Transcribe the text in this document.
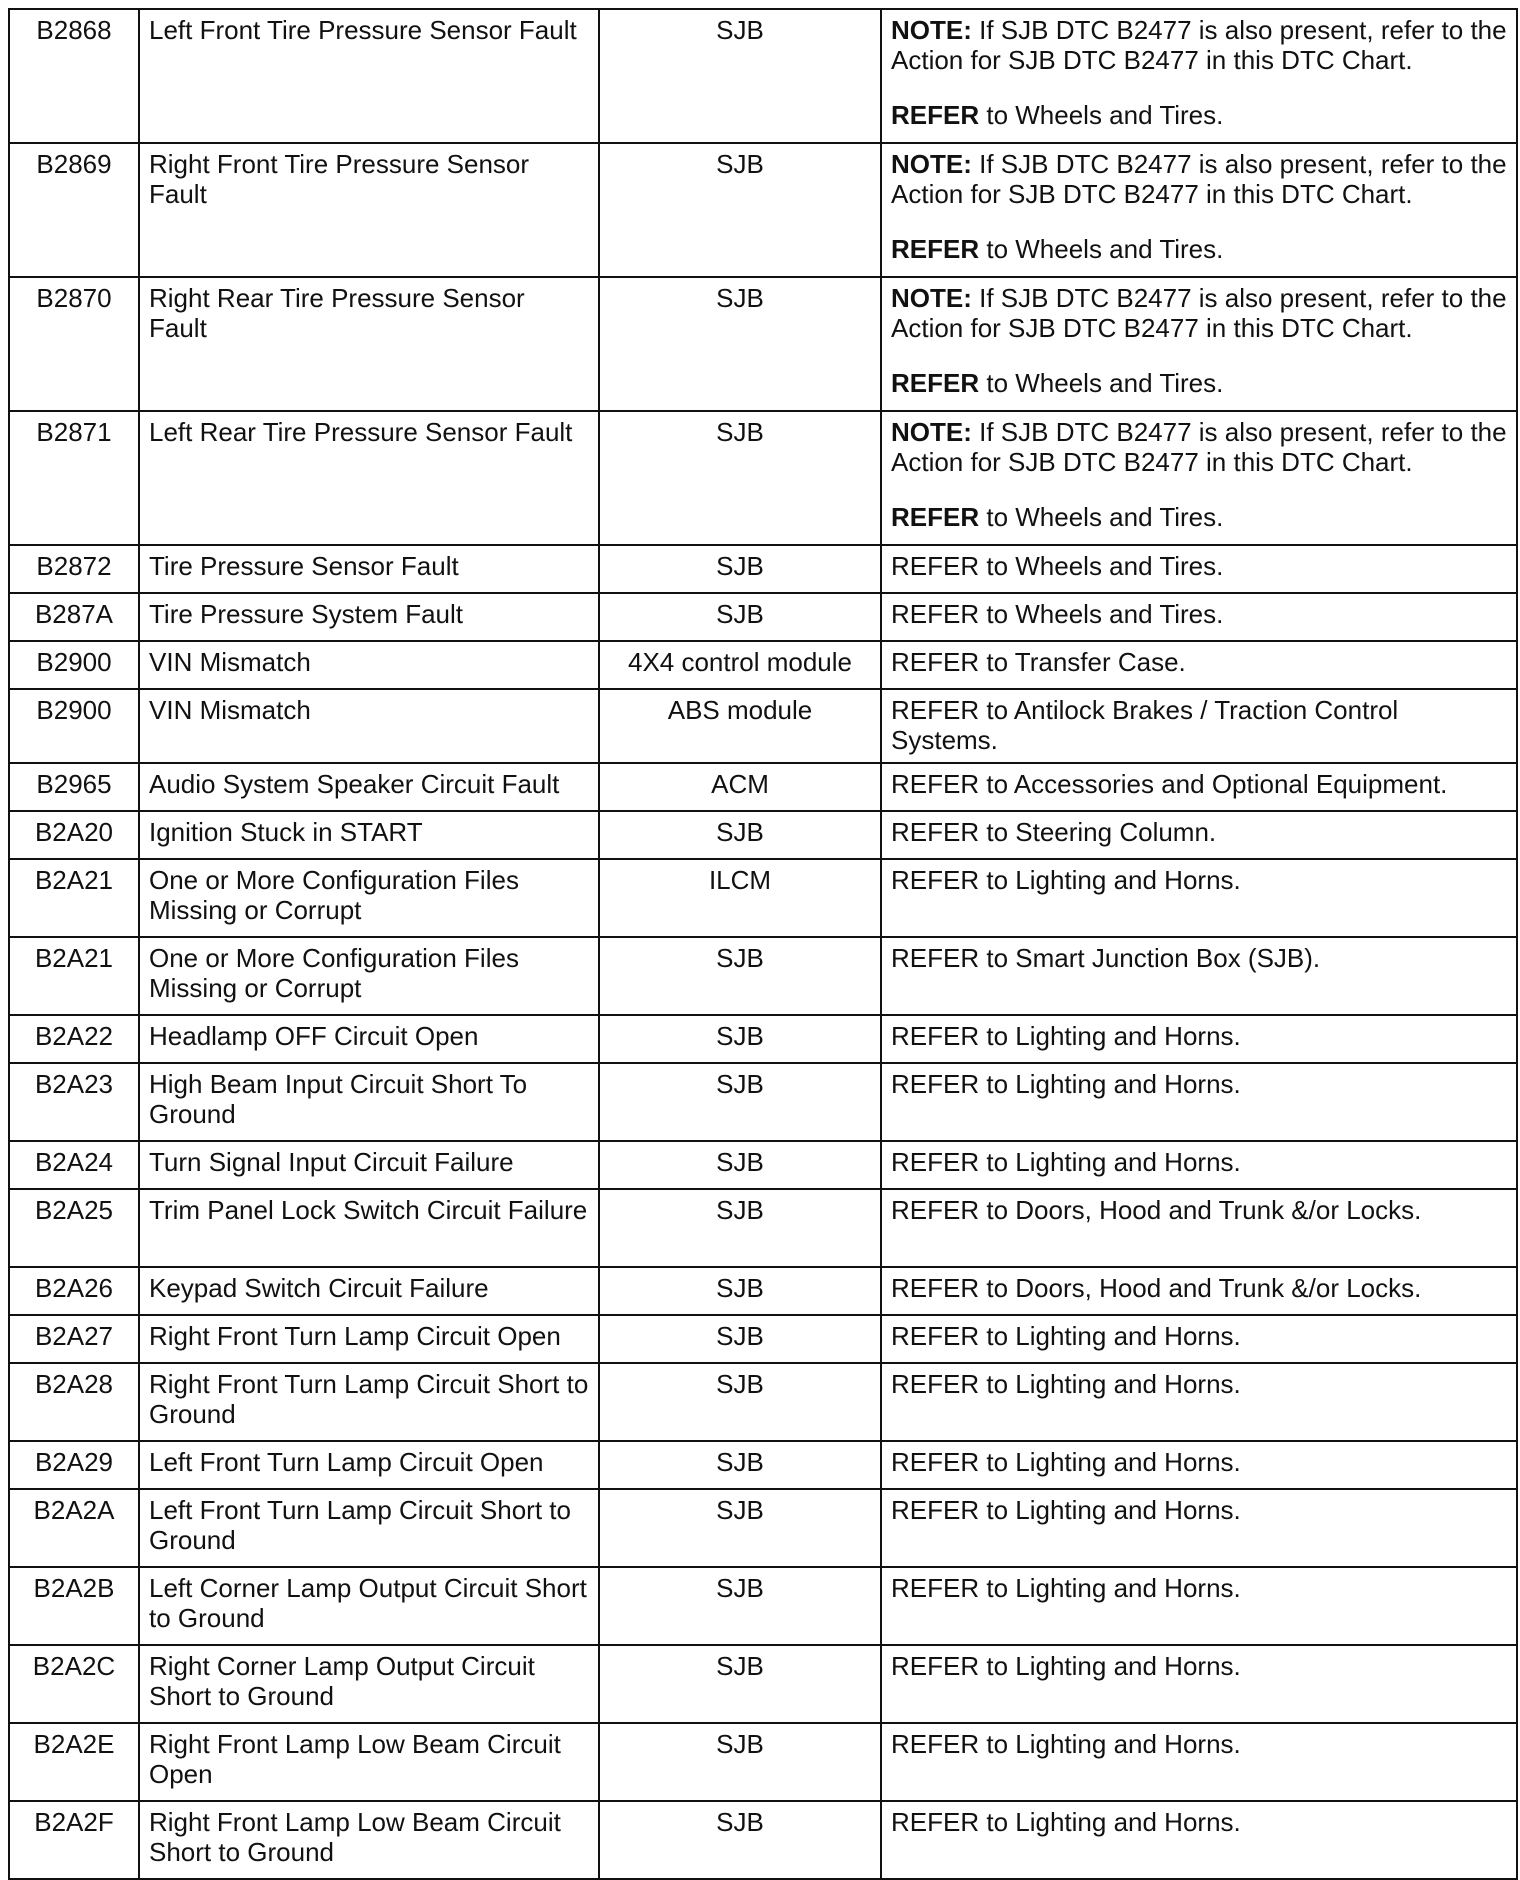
B2868	Left Front Tire Pressure Sensor Fault	SJB	NOTE: If SJB DTC B2477 is also present, refer to the Action for SJB DTC B2477 in this DTC Chart.
REFER to Wheels and Tires.

B2869	Right Front Tire Pressure Sensor Fault	SJB	NOTE: If SJB DTC B2477 is also present, refer to the Action for SJB DTC B2477 in this DTC Chart.
REFER to Wheels and Tires.

B2870	Right Rear Tire Pressure Sensor Fault	SJB	NOTE: If SJB DTC B2477 is also present, refer to the Action for SJB DTC B2477 in this DTC Chart.
REFER to Wheels and Tires.

B2871	Left Rear Tire Pressure Sensor Fault	SJB	NOTE: If SJB DTC B2477 is also present, refer to the Action for SJB DTC B2477 in this DTC Chart.
REFER to Wheels and Tires.

B2872	Tire Pressure Sensor Fault	SJB	REFER to Wheels and Tires.
B287A	Tire Pressure System Fault	SJB	REFER to Wheels and Tires.
B2900	VIN Mismatch	4X4 control module	REFER to Transfer Case.
B2900	VIN Mismatch	ABS module	REFER to Antilock Brakes / Traction Control Systems.
B2965	Audio System Speaker Circuit Fault	ACM	REFER to Accessories and Optional Equipment.
B2A20	Ignition Stuck in START	SJB	REFER to Steering Column.
B2A21	One or More Configuration Files Missing or Corrupt	ILCM	REFER to Lighting and Horns.
B2A21	One or More Configuration Files Missing or Corrupt	SJB	REFER to Smart Junction Box (SJB).
B2A22	Headlamp OFF Circuit Open	SJB	REFER to Lighting and Horns.
B2A23	High Beam Input Circuit Short To Ground	SJB	REFER to Lighting and Horns.
B2A24	Turn Signal Input Circuit Failure	SJB	REFER to Lighting and Horns.
B2A25	Trim Panel Lock Switch Circuit Failure	SJB	REFER to Doors, Hood and Trunk &/or Locks.
B2A26	Keypad Switch Circuit Failure	SJB	REFER to Doors, Hood and Trunk &/or Locks.
B2A27	Right Front Turn Lamp Circuit Open	SJB	REFER to Lighting and Horns.
B2A28	Right Front Turn Lamp Circuit Short to Ground	SJB	REFER to Lighting and Horns.
B2A29	Left Front Turn Lamp Circuit Open	SJB	REFER to Lighting and Horns.
B2A2A	Left Front Turn Lamp Circuit Short to Ground	SJB	REFER to Lighting and Horns.
B2A2B	Left Corner Lamp Output Circuit Short to Ground	SJB	REFER to Lighting and Horns.
B2A2C	Right Corner Lamp Output Circuit Short to Ground	SJB	REFER to Lighting and Horns.
B2A2E	Right Front Lamp Low Beam Circuit Open	SJB	REFER to Lighting and Horns.
B2A2F	Right Front Lamp Low Beam Circuit Short to Ground	SJB	REFER to Lighting and Horns.
